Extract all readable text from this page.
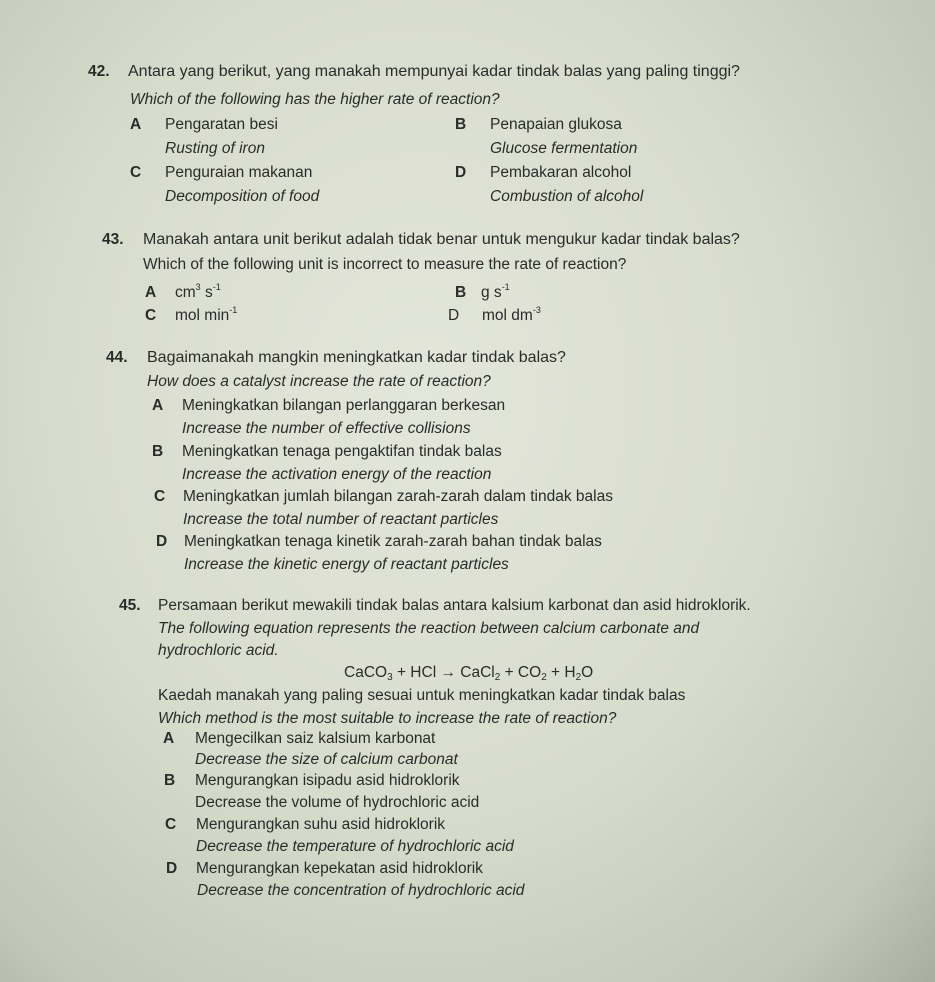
42. Antara yang berikut, yang manakah mempunyai kadar tindak balas yang paling tinggi?
Which of the following has the higher rate of reaction?
A Pengaratan besi
Rusting of iron
B Penapaian glukosa
Glucose fermentation
C Penguraian makanan
Decomposition of food
D Pembakaran alcohol
Combustion of alcohol
43. Manakah antara unit berikut adalah tidak benar untuk mengukur kadar tindak balas?
Which of the following unit is incorrect to measure the rate of reaction?
A $cm^3$ $s^{-1}$	B g $s^{-1}$
C mol $\min^{-1}$	D mol $dm^{-3}$
44. Bagaimanakah mangkin meningkatkan kadar tindak balas?
How does a catalyst increase the rate of reaction?
A Meningkatkan bilangan perlanggaran berkesan
Increase the number of effective collisions
B Meningkatkan tenaga pengaktifan tindak balas
Increase the activation energy of the reaction
C Meningkatkan jumlah bilangan zarah-zarah dalam tindak balas
Increase the total number of reactant particles
D Meningkatkan tenaga kinetik zarah-zarah bahan tindak balas
Increase the kinetic energy of reactant particles
45. Persamaan berikut mewakili tindak balas antara kalsium karbonat dan asid hidroklorik.
The following equation represents the reaction between calcium carbonate and
hydrochloric acid.
CaCO$_3$ + HCl → CaCl$_2$ + $CO_2 + H_2O$
Kaedah manakah yang paling sesuai untuk meningkatkan kadar tindak balas
Which method is the most suitable to increase the rate of reaction?
A Mengecilkan saiz kalsium karbonat
Decrease the size of calcium carbonat
B Mengurangkan isipadu asid hidroklorik
Decrease the volume of hydrochloric acid
C Mengurangkan suhu asid hidroklorik
Decrease the temperature of hydrochloric acid
D Mengurangkan kepekatan asid hidroklorik
Decrease the concentration of hydrochloric acid
